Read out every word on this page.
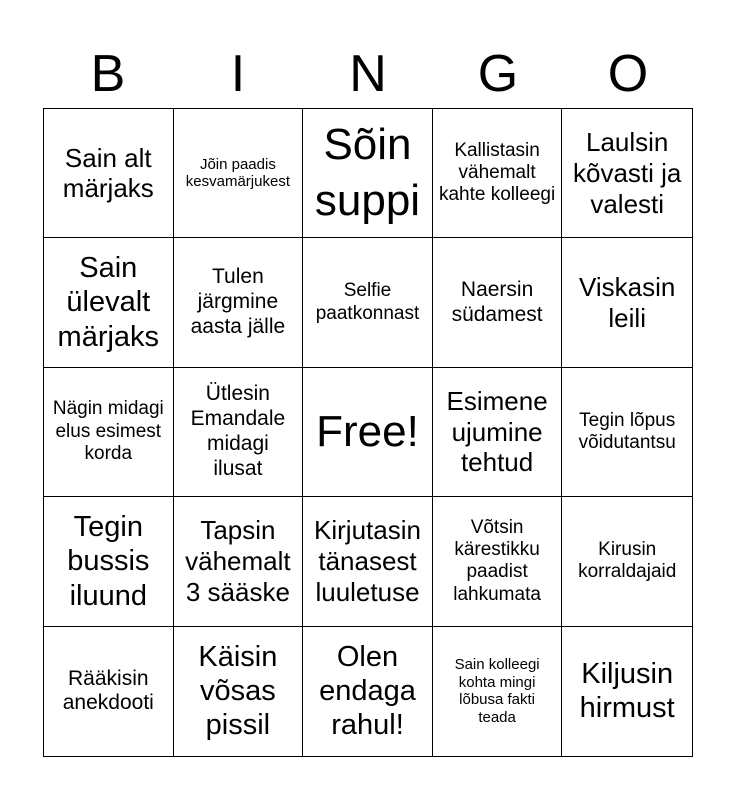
B	I	N	G	O
Sain alt märjaks
Jõin paadis kesvamärjukest
Sõin suppi
Kallistasin vähemalt kahte kolleegi
Laulsin kõvasti ja valesti
Sain ülevalt märjaks
Tulen järgmine aasta jälle
Selfie paatkonnast
Naersin südamest
Viskasin leili
Nägin midagi elus esimest korda
Ütlesin Emandale midagi ilusat
Free!
Esimene ujumine tehtud
Tegin lõpus võidutantsu
Tegin bussis iluund
Tapsin vähemalt 3 sääske
Kirjutasin tänasest luuletuse
Võtsin kärestikku paadist lahkumata
Kirusin korraldajaid
Rääkisin anekdooti
Käisin võsas pissil
Olen endaga rahul!
Sain kolleegi kohta mingi lõbusa fakti teada
Kiljusin hirmust
